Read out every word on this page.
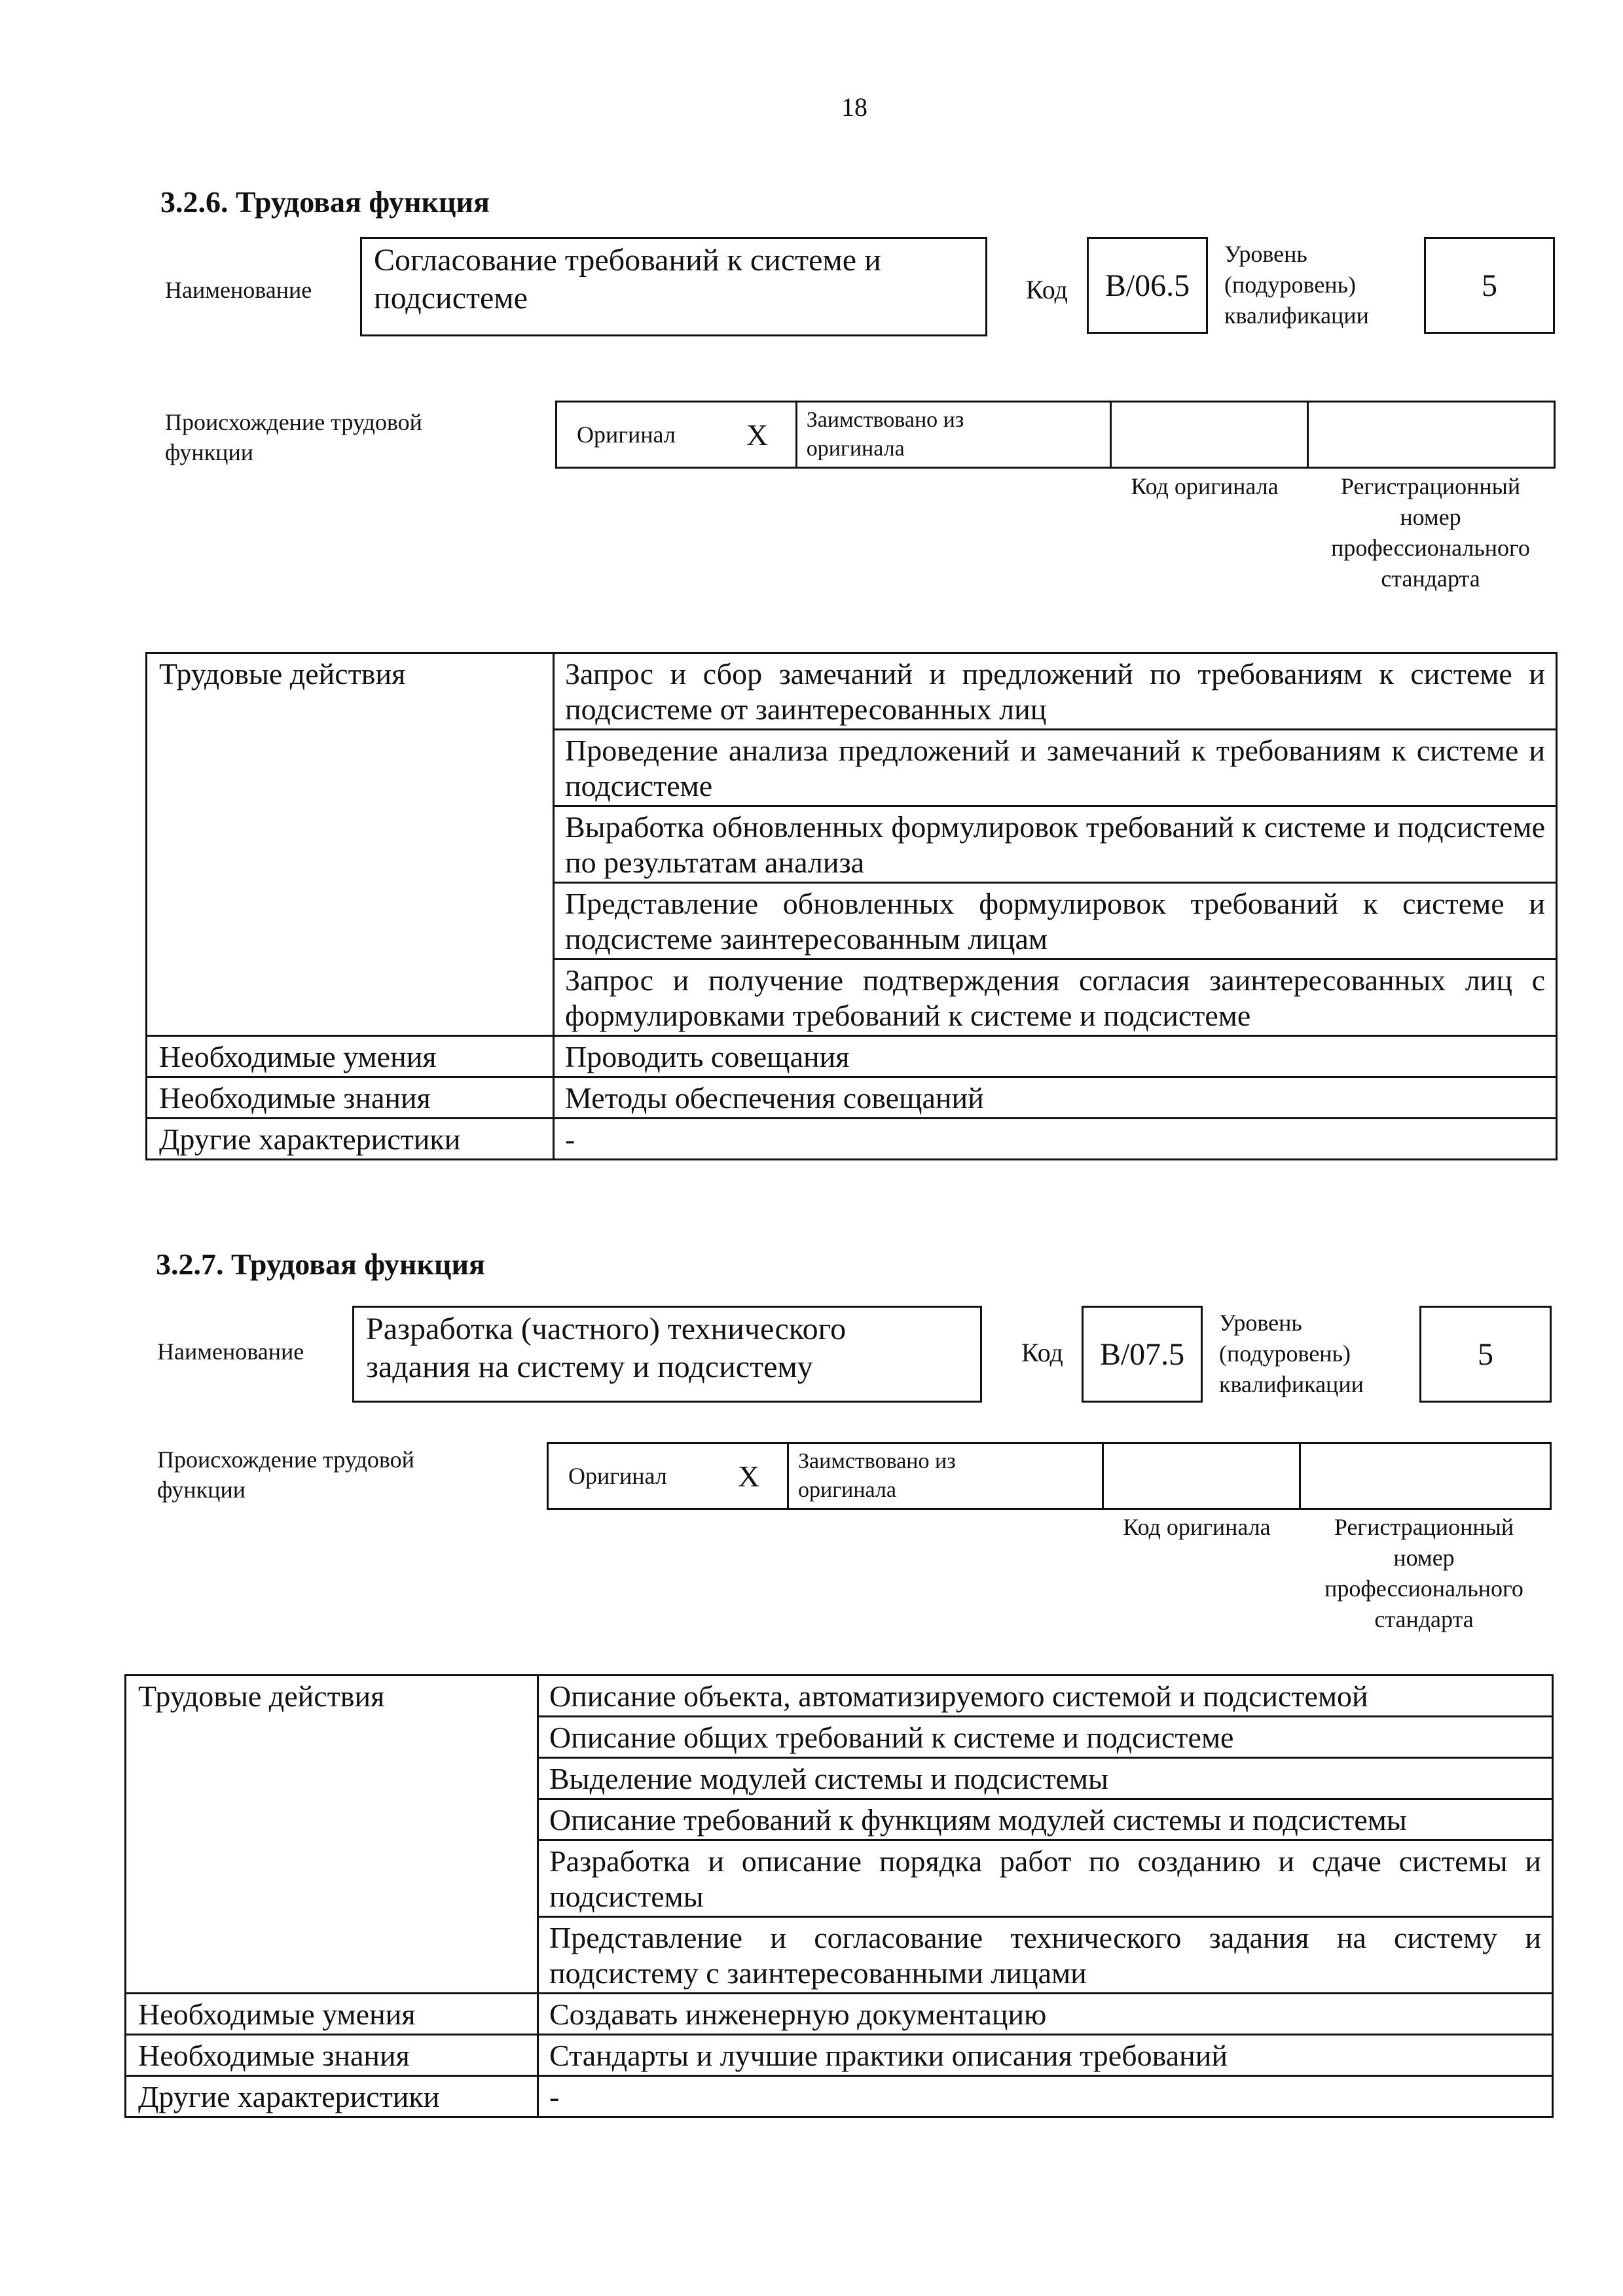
18
3.2.6. Трудовая функция
Наименование
Согласование требований к системе и
подсистеме	Код	В/06.5
Уровень
(подуровень)
квалификации
5
Происхождение трудовой
функции
Оригинал	X	Заимствовано из
оригинала

Код оригинала	Регистрационный
номер
профессионального
стандарта
Трудовые действия	Запрос и сбор замечаний и предложений по требованиям к системе и подсистеме от заинтересованных лиц
	Проведение анализа предложений и замечаний к требованиям к системе и подсистеме
	Выработка обновленных формулировок требований к системе и подсистеме по результатам анализа
	Представление обновленных формулировок требований к системе и подсистеме заинтересованным лицам
	Запрос и получение подтверждения согласия заинтересованных лиц с формулировками требований к системе и подсистеме
Необходимые умения	Проводить совещания
Необходимые знания	Методы обеспечения совещаний
Другие характеристики	-
3.2.7. Трудовая функция
Наименование
Разработка (частного) технического
задания на систему и подсистему	Код	В/07.5
Уровень
(подуровень)
квалификации
5
Происхождение трудовой
функции
Оригинал	X	Заимствовано из
оригинала

Код оригинала	Регистрационный
номер
профессионального
стандарта
Трудовые действия	Описание объекта, автоматизируемого системой и подсистемой
	Описание общих требований к системе и подсистеме
	Выделение модулей системы и подсистемы
	Описание требований к функциям модулей системы и подсистемы
	Разработка и описание порядка работ по созданию и сдаче системы и подсистемы
	Представление и согласование технического задания на систему и подсистему с заинтересованными лицами
Необходимые умения	Создавать инженерную документацию
Необходимые знания	Стандарты и лучшие практики описания требований
Другие характеристики	-
